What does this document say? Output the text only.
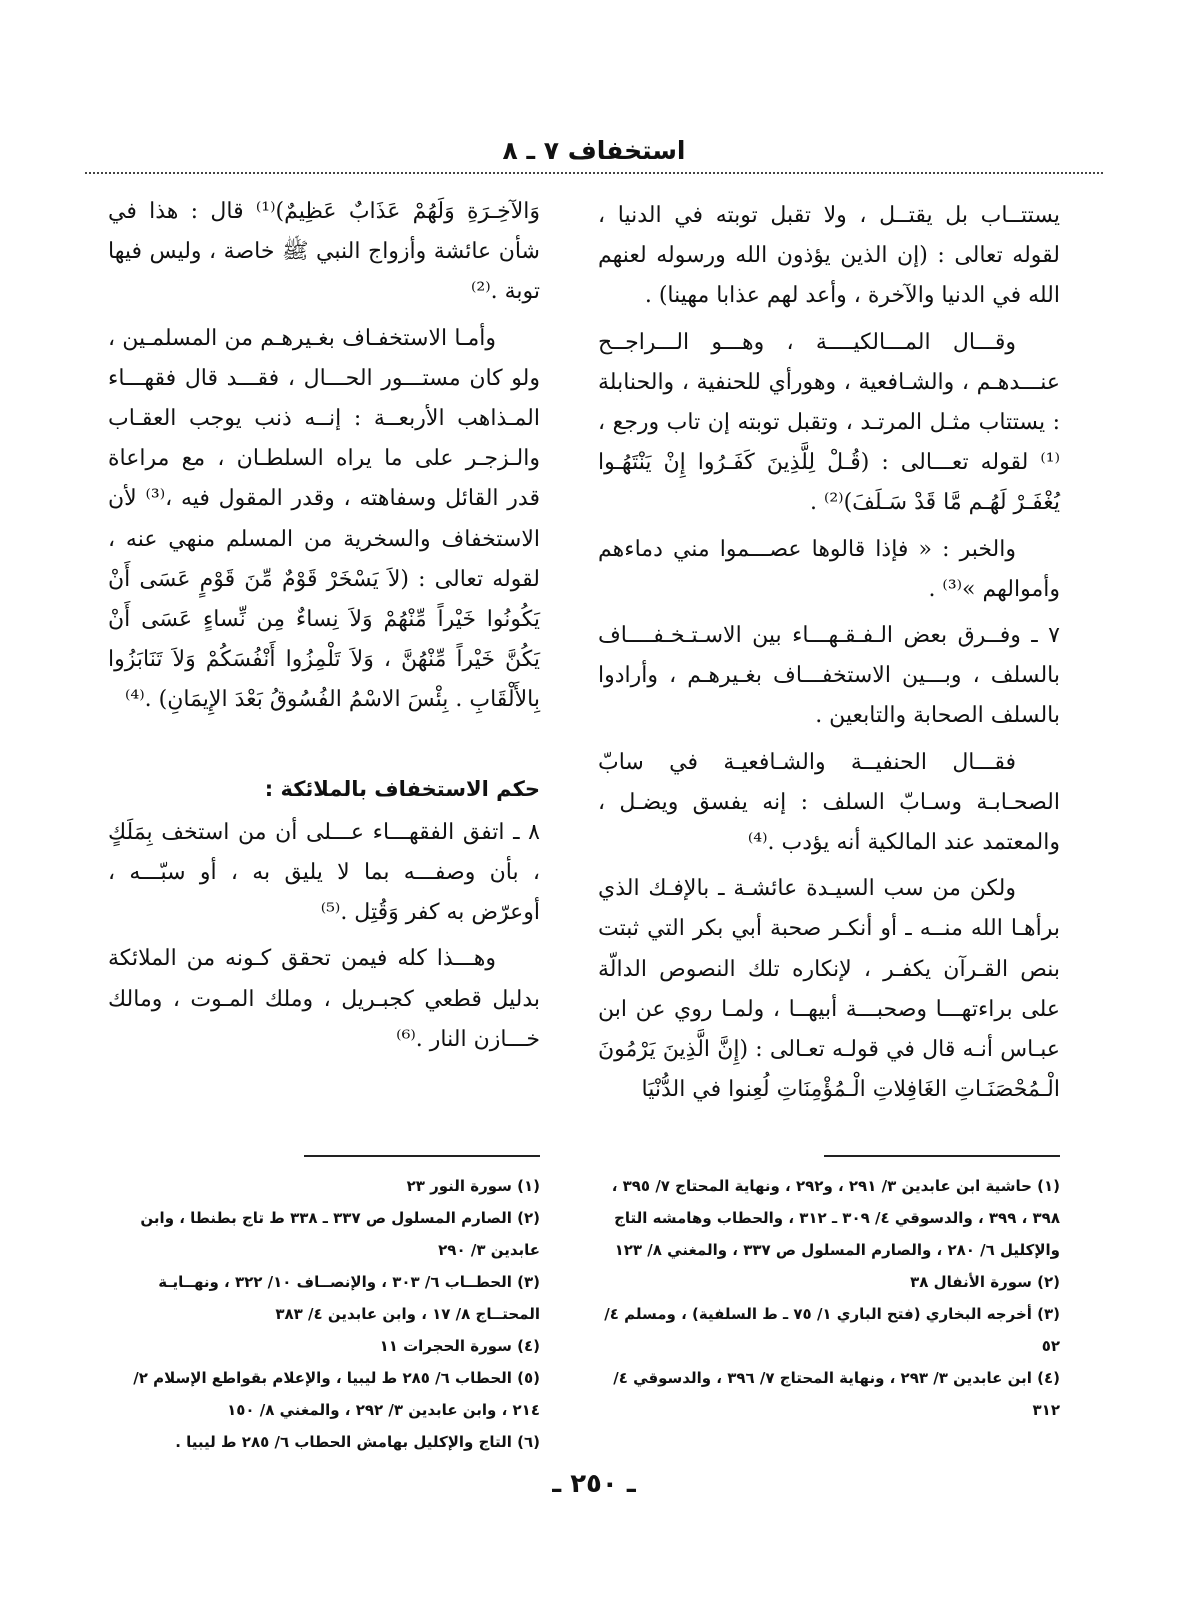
استخفاف ٧ ـ ٨

يستتــاب بل يقتــل ، ولا تقبل توبته في الدنيا ، لقوله تعالى : (إن الذين يؤذون الله ورسوله لعنهم الله في الدنيا والآخرة ، وأعد لهم عذابا مهينا) .

وقـــال المـــالكيــــة ، وهـــو الـــراجــح عنـــدهـم ، والشـافعية ، وهورأي للحنفية ، والحنابلة : يستتاب مثـل المرتـد ، وتقبل توبته إن تاب ورجع ،⁽¹⁾ لقوله تعـــالى : (قُـلْ لِلَّذِينَ كَفَـرُوا إِنْ يَنْتَهُـوا يُغْفَـرْ لَهُـم مَّا قَدْ سَـلَفَ)⁽²⁾ .

والخبر : « فإذا قالوها عصـــموا مني دماءهم وأموالهم »⁽³⁾ .

٧ ـ وفــرق بعض الـفـقـهـــاء بين الاسـتـخـفــــاف بالسلف ، وبـــين الاستخفـــاف بغـيرهـم ، وأرادوا بالسلف الصحابة والتابعين .

فقـــال الحنفيــة والشـافعيـة في سابّ الصحـابـة وسـابّ السلف : إنه يفسق ويضـل ، والمعتمد عند المالكية أنه يؤدب .⁽⁴⁾

ولكن من سب السيـدة عائشـة ـ بالإفـك الذي برأهـا الله منــه ـ أو أنكـر صحبة أبي بكر التي ثبتت بنص القـرآن يكفـر ، لإنكاره تلك النصوص الدالّة على براءتهـــا وصحبـــة أبيهــا ، ولمـا روي عن ابن عبـاس أنـه قال في قولـه تعـالى : (إِنَّ الَّذِينَ يَرْمُونَ الْـمُحْصَنَـاتِ الغَافِلاتِ الْـمُؤْمِنَاتِ لُعِنوا في الدُّنْيَا

وَالآخِـرَةِ وَلَهُمْ عَذَابٌ عَظِيمٌ)⁽¹⁾ قال : هذا في شأن عائشة وأزواج النبي ﷺ خاصة ، وليس فيها توبة .⁽²⁾

وأمـا الاستخفـاف بغـيرهـم من المسلمـين ، ولو كان مستـــور الحـــال ، فقـــد قال فقهـــاء المـذاهب الأربعــة : إنــه ذنب يوجب العقـاب والـزجـر على ما يراه السلطـان ، مع مراعاة قدر القائل وسفاهته ، وقدر المقول فيه ،⁽³⁾ لأن الاستخفاف والسخرية من المسلم منهي عنه ، لقوله تعالى : (لاَ يَسْخَرْ قَوْمٌ مِّنَ قَوْمٍ عَسَى أَنْ يَكُونُوا خَيْراً مِّنْهُمْ وَلاَ نِساءٌ مِن نِّساءٍ عَسَى أَنْ يَكُنَّ خَيْراً مِّنْهُنَّ ، وَلاَ تَلْمِزُوا أَنْفُسَكُمْ وَلاَ تَنَابَزُوا بِالأَلْقَابِ . بِئْسَ الاسْمُ الفُسُوقُ بَعْدَ الإِيمَانِ) .⁽⁴⁾

حكم الاستخفاف بالملائكة :

٨ ـ اتفق الفقهـــاء عـــلى أن من استخف بِمَلَكٍ ، بأن وصفـــه بما لا يليق به ، أو سبّـــه ، أوعرّض به كفر وَقُتِل .⁽⁵⁾

وهـــذا كله فيمن تحقق كـونه من الملائكة بدليل قطعي كجبـريل ، وملك المـوت ، ومالك خـــازن النار .⁽⁶⁾

(١) حاشية ابن عابدين ٣/ ٢٩١ ، و٢٩٢ ، ونهاية المحتاج ٧/ ٣٩٥ ، ٣٩٨ ، ٣٩٩ ، والدسوقي ٤/ ٣٠٩ ـ ٣١٢ ، والحطاب وهامشه التاج والإكليل ٦/ ٢٨٠ ، والصارم المسلول ص ٣٣٧ ، والمغني ٨/ ١٢٣

(٢) سورة الأنفال ٣٨

(٣) أخرجه البخاري (فتح الباري ١/ ٧٥ ـ ط السلفية) ، ومسلم ٤/ ٥٢

(٤) ابن عابدين ٣/ ٢٩٣ ، ونهاية المحتاج ٧/ ٣٩٦ ، والدسوقي ٤/ ٣١٢

(١) سورة النور ٢٣

(٢) الصارم المسلول ص ٣٣٧ ـ ٣٣٨ ط تاج بطنطا ، وابن عابدين ٣/ ٢٩٠

(٣) الحطــاب ٦/ ٣٠٣ ، والإنصــاف ١٠/ ٣٢٢ ، ونهــايـة المحتــاج ٨/ ١٧ ، وابن عابدين ٤/ ٣٨٣

(٤) سورة الحجرات ١١

(٥) الحطاب ٦/ ٢٨٥ ط ليبيا ، والإعلام بقواطع الإسلام ٢/ ٢١٤ ، وابن عابدين ٣/ ٢٩٢ ، والمغني ٨/ ١٥٠

(٦) التاج والإكليل بهامش الحطاب ٦/ ٢٨٥ ط ليبيا .

ـ ٢٥٠ ـ
